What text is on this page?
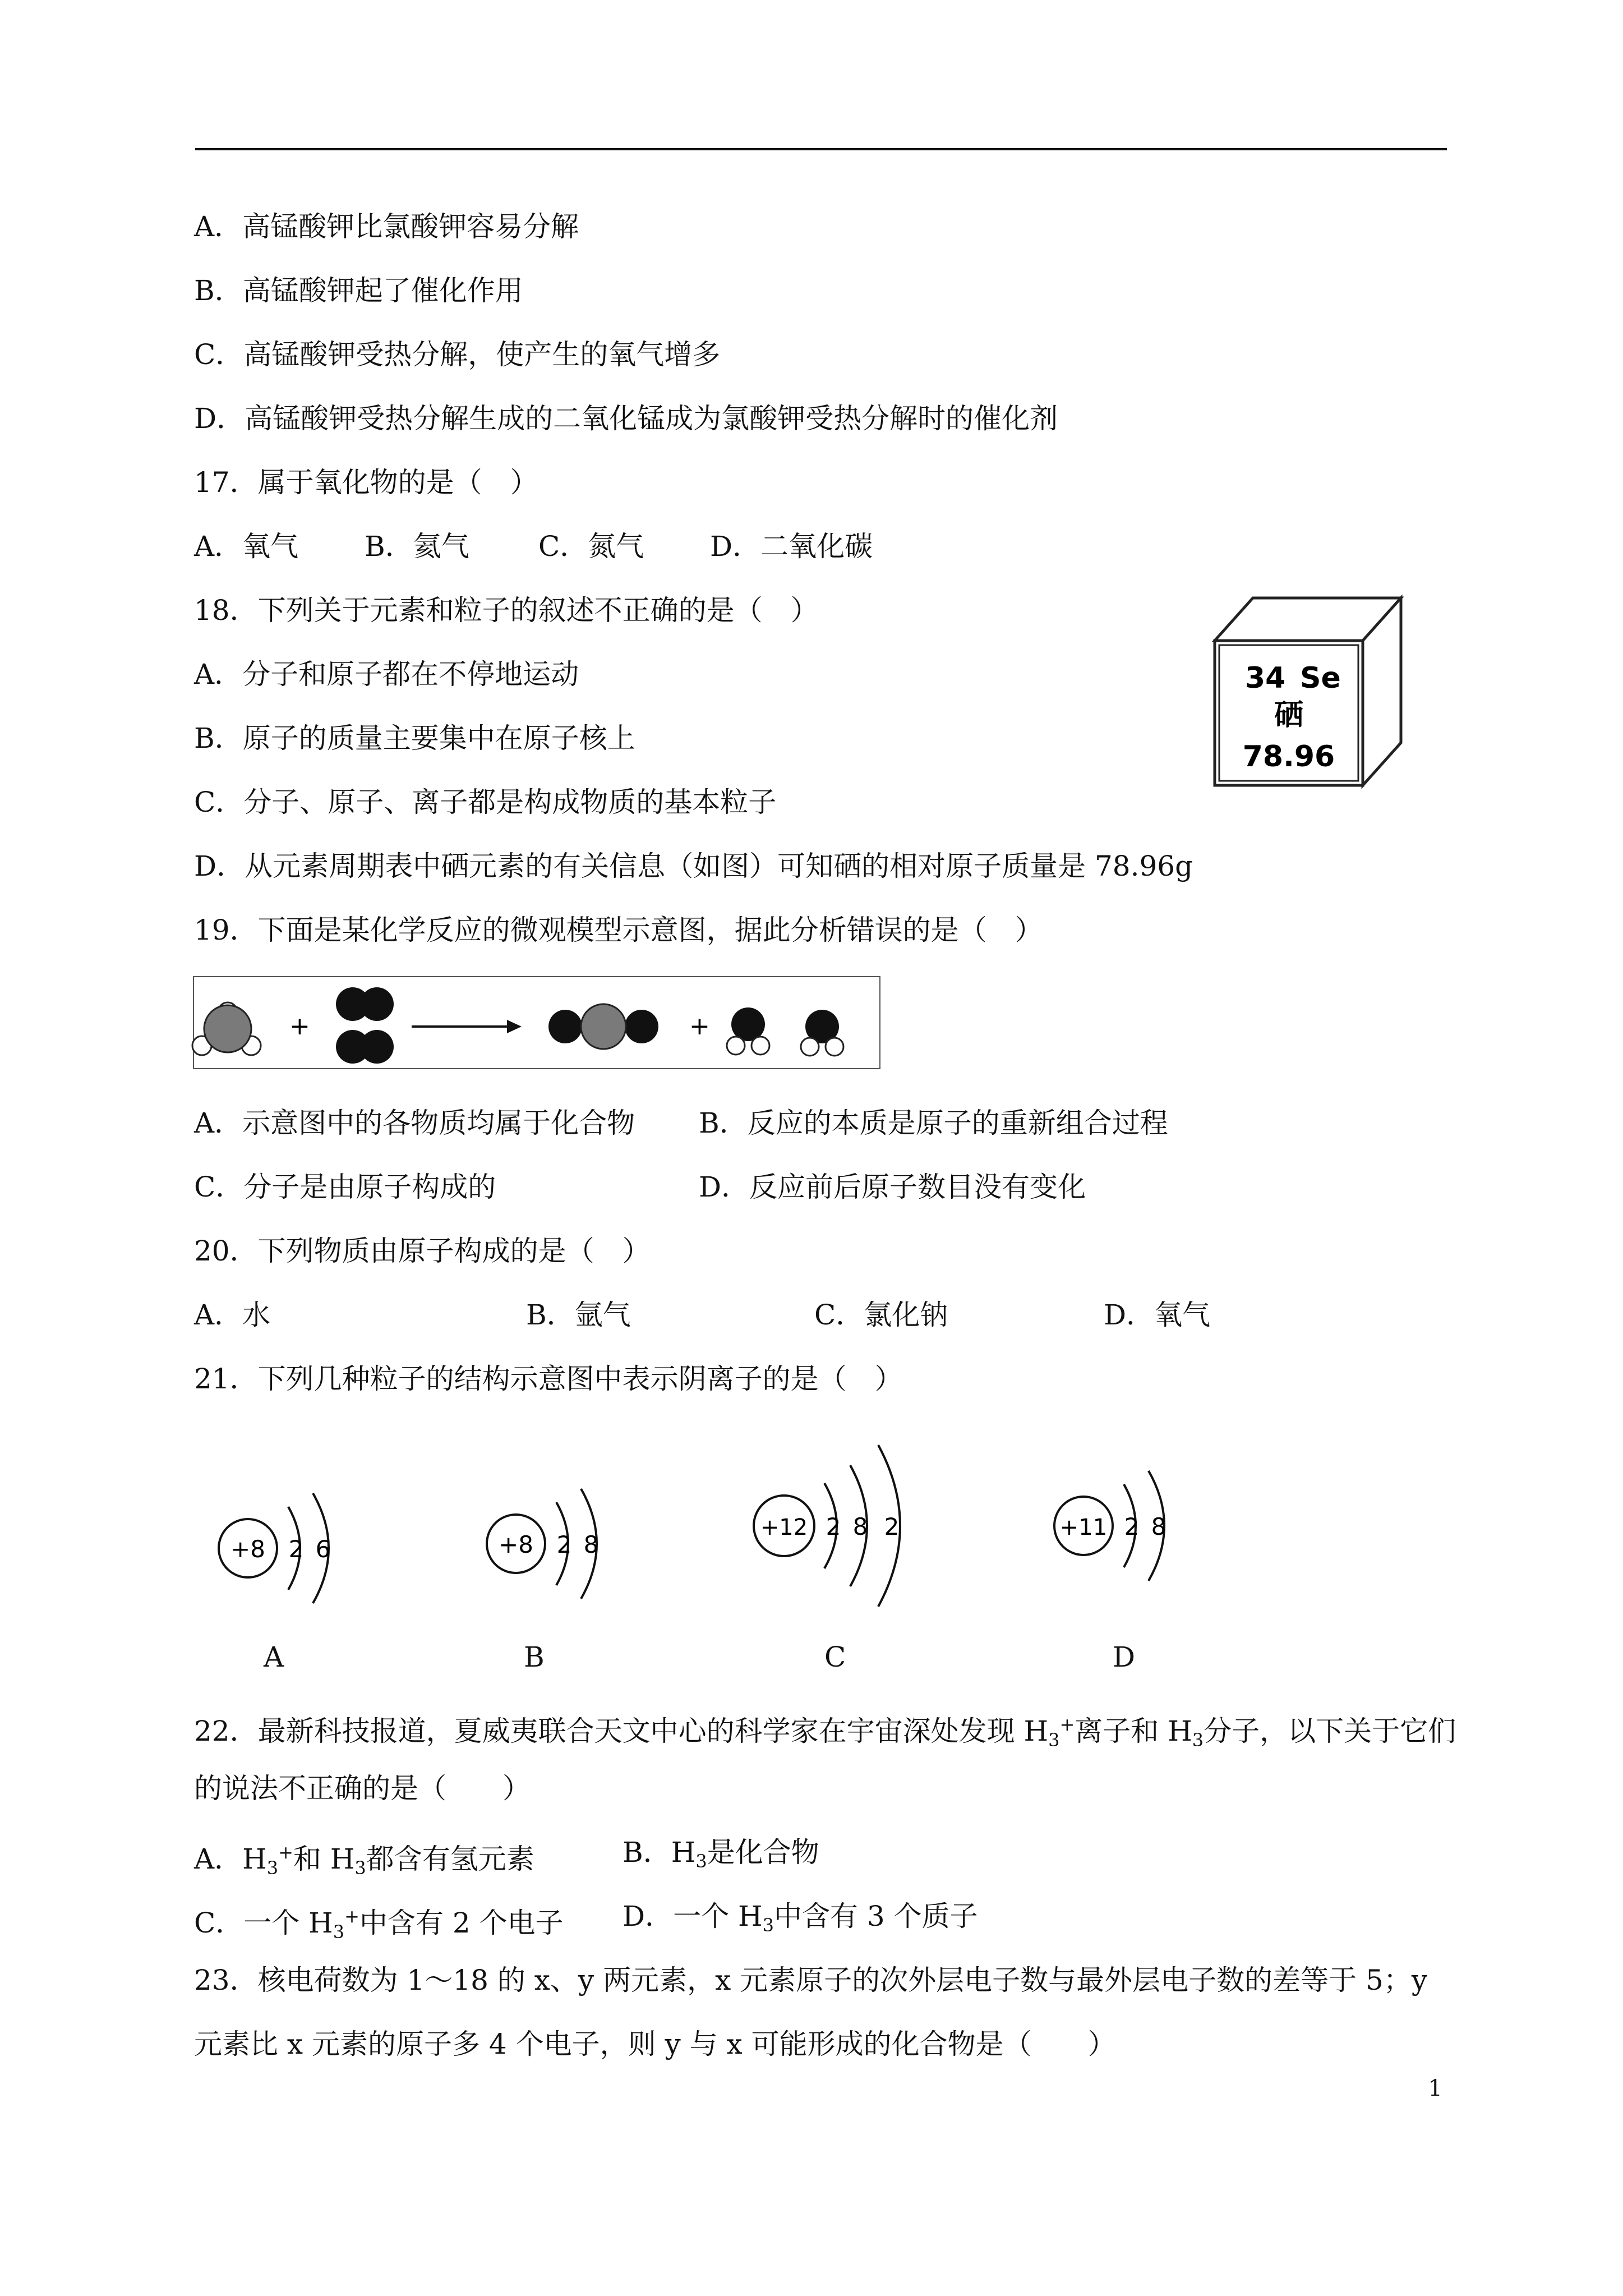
A．高锰酸钾比氯酸钾容易分解
B．高锰酸钾起了催化作用
C．高锰酸钾受热分解，使产生的氧气增多
D．高锰酸钾受热分解生成的二氧化锰成为氯酸钾受热分解时的催化剂
17．属于氧化物的是（　）
A．氧气 B．氦气 C．氮气 D．二氧化碳
18．下列关于元素和粒子的叙述不正确的是（　）
A．分子和原子都在不停地运动
B．原子的质量主要集中在原子核上
C．分子、原子、离子都是构成物质的基本粒子
D．从元素周期表中硒元素的有关信息（如图）可知硒的相对原子质量是 78.96g
34 Se
硒
78.96
19．下面是某化学反应的微观模型示意图，据此分析错误的是（　）
+	+
A．示意图中的各物质均属于化合物 B．反应的本质是原子的重新组合过程
C．分子是由原子构成的	D．反应前后原子数目没有变化
20．下列物质由原子构成的是（　）
A．水	B．氩气	C．氯化钠	D．氧气
21．下列几种粒子的结构示意图中表示阴离子的是（　）
+8 2 6
A
+8 2 8
B
+12 2 8 2
C
+11 2 8
D
22．最新科技报道，夏威夷联合天文中心的科学家在宇宙深处发现 $H_3^+$离子和 $H_3$分子，以下关于它们
的说法不正确的是（　　）
A．$H_3^+$和 $H_3$都含有氢元素	B．$H_3$是化合物
C．一个 $H_3^+$中含有 2 个电子 D．一个 $H_3$中含有 3 个质子
23．核电荷数为 1～18 的 x、y 两元素，x 元素原子的次外层电子数与最外层电子数的差等于 5；y
元素比 x 元素的原子多 4 个电子，则 y 与 x 可能形成的化合物是（　　）
1
